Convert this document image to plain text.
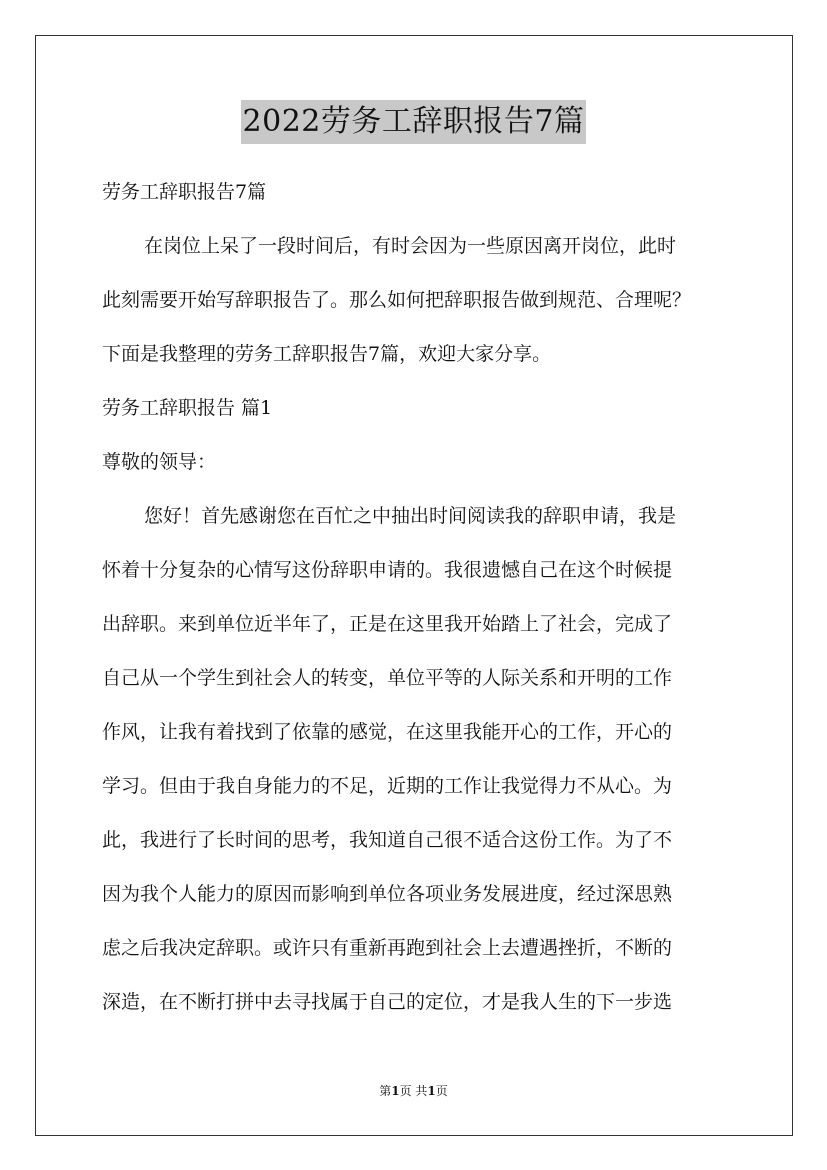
2022劳务工辞职报告7篇
劳务工辞职报告7篇
在岗位上呆了一段时间后，有时会因为一些原因离开岗位，此时
此刻需要开始写辞职报告了。那么如何把辞职报告做到规范、合理呢？
下面是我整理的劳务工辞职报告7篇，欢迎大家分享。
劳务工辞职报告 篇1
尊敬的领导：
您好！首先感谢您在百忙之中抽出时间阅读我的辞职申请，我是
怀着十分复杂的心情写这份辞职申请的。我很遗憾自己在这个时候提
出辞职。来到单位近半年了，正是在这里我开始踏上了社会，完成了
自己从一个学生到社会人的转变，单位平等的人际关系和开明的工作
作风，让我有着找到了依靠的感觉，在这里我能开心的工作，开心的
学习。但由于我自身能力的不足，近期的工作让我觉得力不从心。为
此，我进行了长时间的思考，我知道自己很不适合这份工作。为了不
因为我个人能力的原因而影响到单位各项业务发展进度，经过深思熟
虑之后我决定辞职。或许只有重新再跑到社会上去遭遇挫折，不断的
深造，在不断打拼中去寻找属于自己的定位，才是我人生的下一步选
第1页 共1页
